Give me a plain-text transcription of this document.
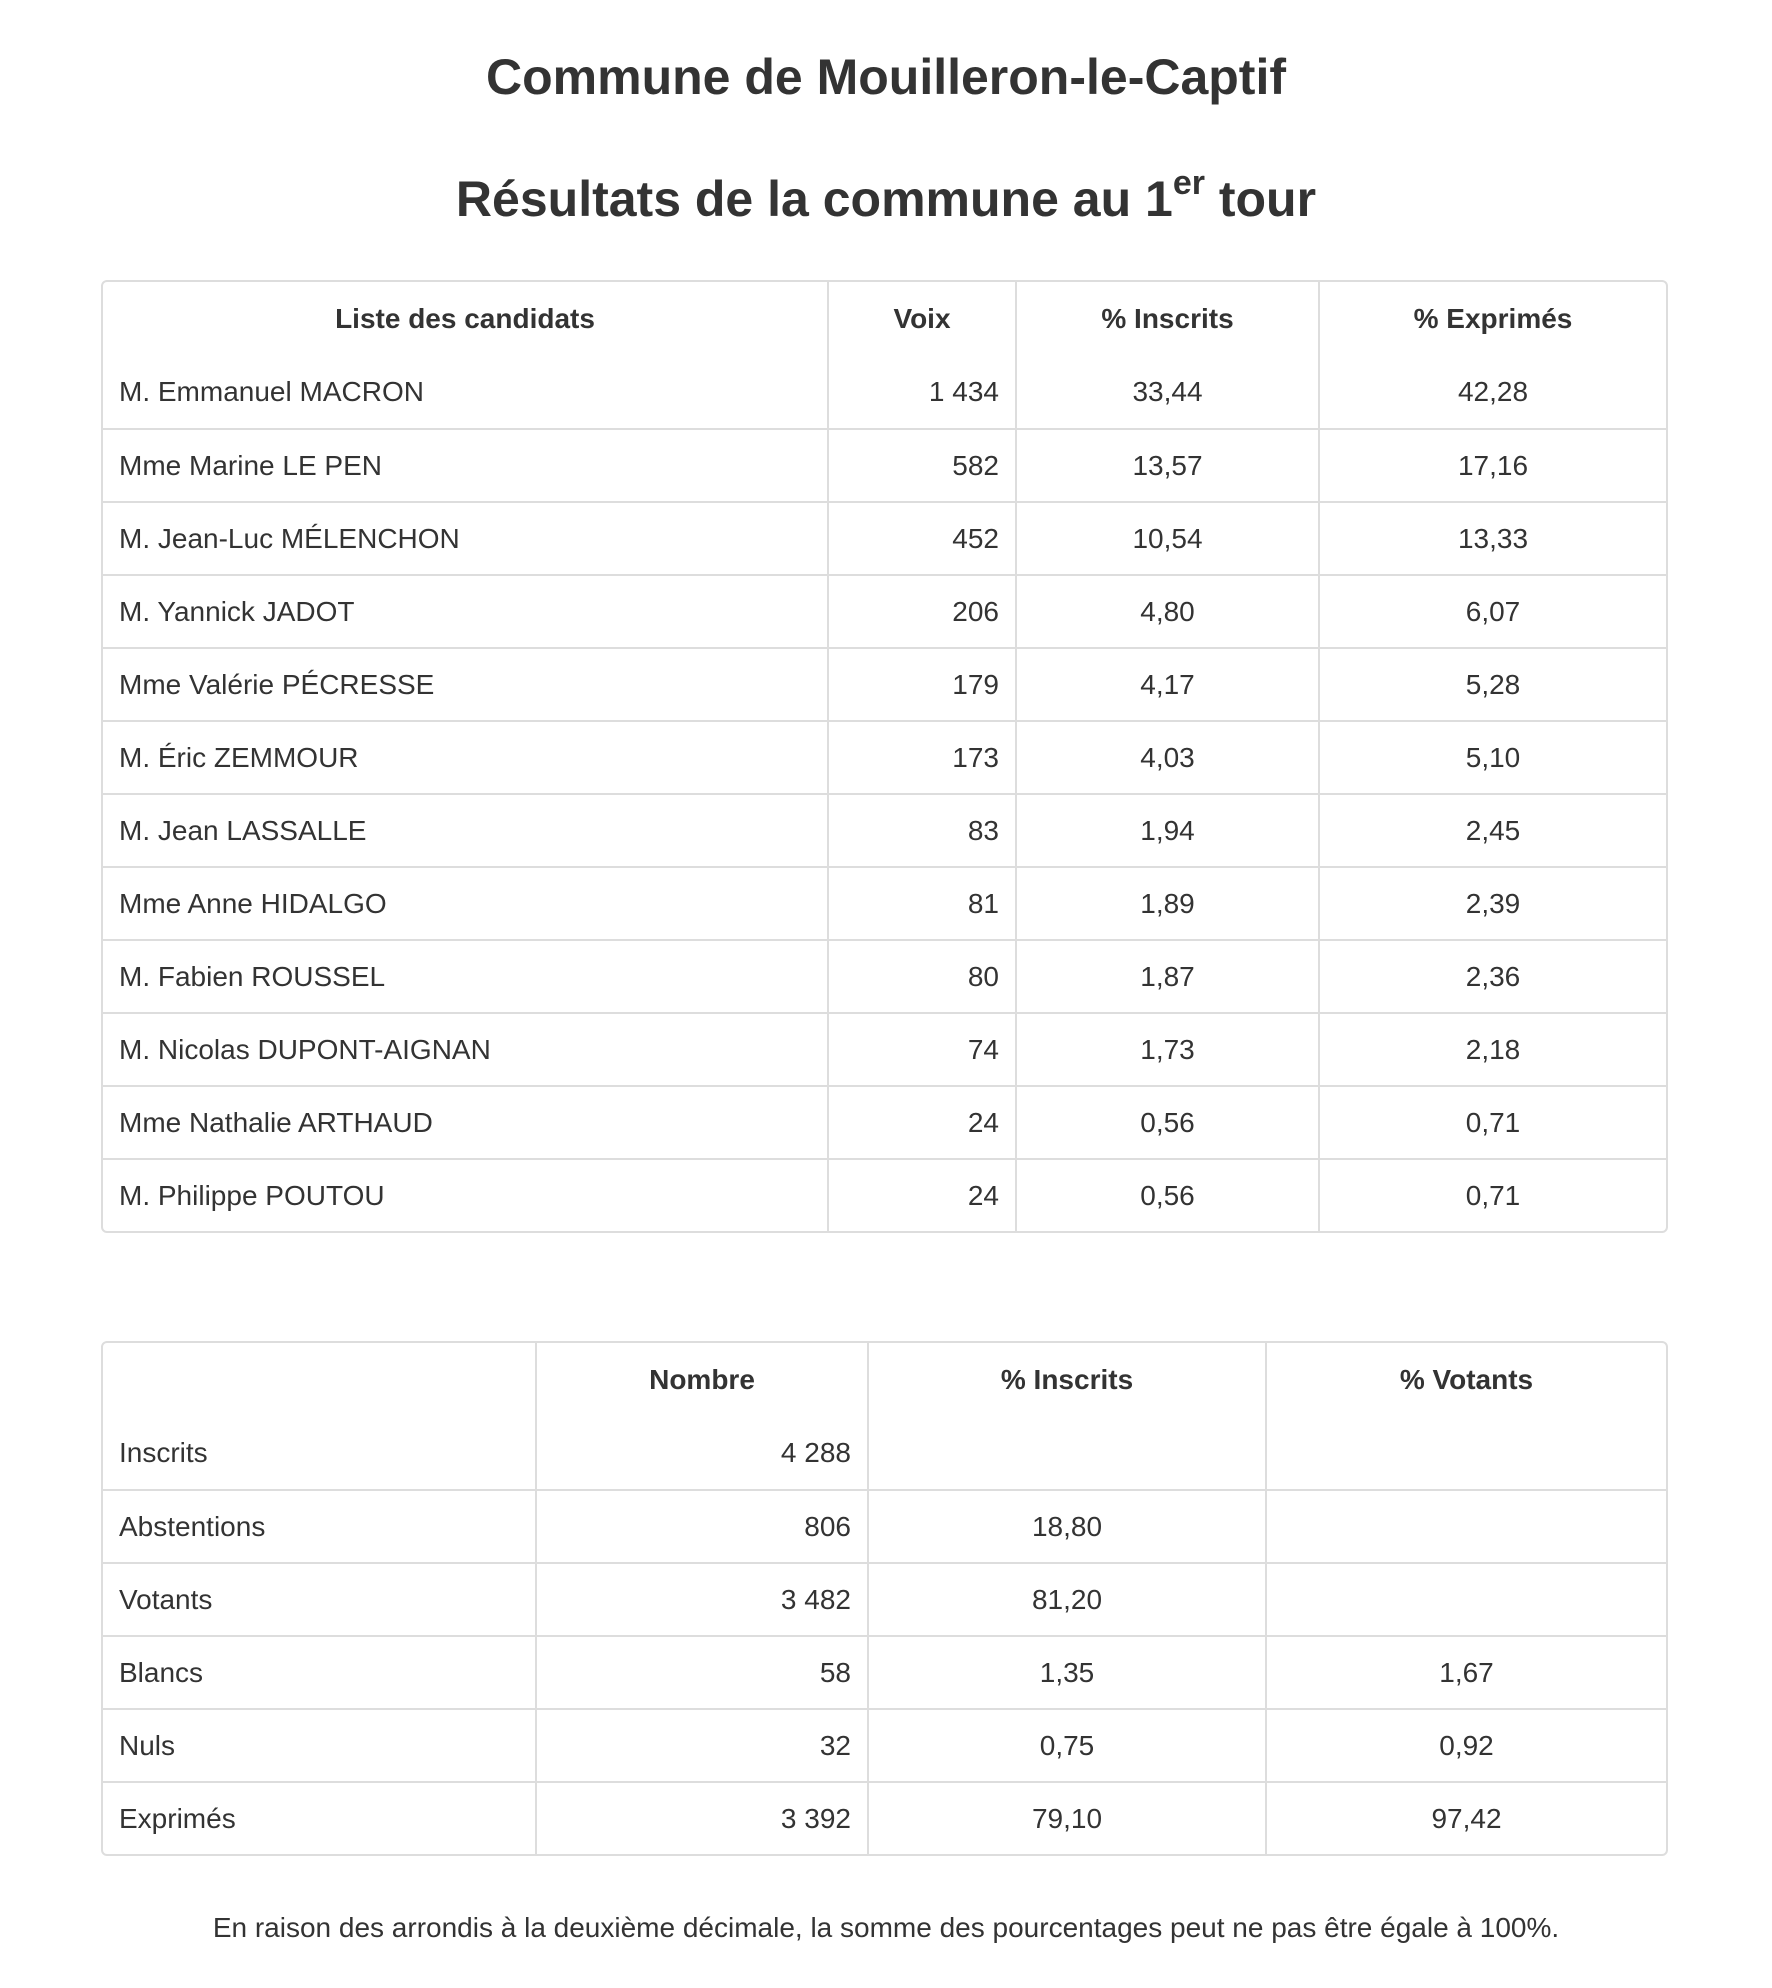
Commune de Mouilleron-le-Captif
Résultats de la commune au 1er tour
Liste des candidats	Voix	% Inscrits	% Exprimés
M. Emmanuel MACRON	1 434	33,44	42,28
Mme Marine LE PEN	582	13,57	17,16
M. Jean-Luc MÉLENCHON	452	10,54	13,33
M. Yannick JADOT	206	4,80	6,07
Mme Valérie PÉCRESSE	179	4,17	5,28
M. Éric ZEMMOUR	173	4,03	5,10
M. Jean LASSALLE	83	1,94	2,45
Mme Anne HIDALGO	81	1,89	2,39
M. Fabien ROUSSEL	80	1,87	2,36
M. Nicolas DUPONT-AIGNAN	74	1,73	2,18
Mme Nathalie ARTHAUD	24	0,56	0,71
M. Philippe POUTOU	24	0,56	0,71
	Nombre	% Inscrits	% Votants
Inscrits	4 288		
Abstentions	806	18,80	
Votants	3 482	81,20	
Blancs	58	1,35	1,67
Nuls	32	0,75	0,92
Exprimés	3 392	79,10	97,42

En raison des arrondis à la deuxième décimale, la somme des pourcentages peut ne pas être égale à 100%.
